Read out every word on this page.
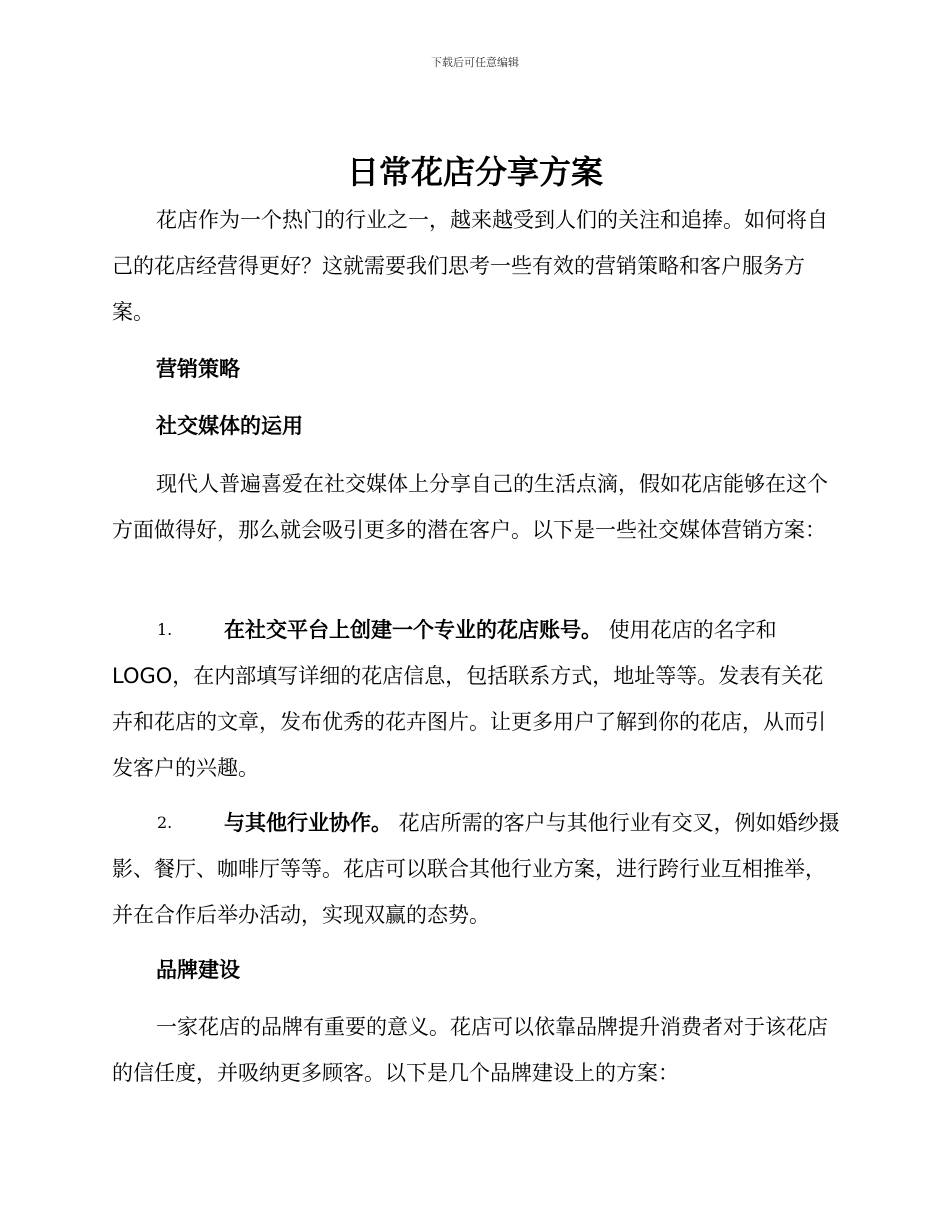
下载后可任意编辑
日常花店分享方案

花店作为一个热门的行业之一，越来越受到人们的关注和追捧。如何将自己的花店经营得更好？这就需要我们思考一些有效的营销策略和客户服务方案。

营销策略
社交媒体的运用

现代人普遍喜爱在社交媒体上分享自己的生活点滴，假如花店能够在这个方面做得好，那么就会吸引更多的潜在客户。以下是一些社交媒体营销方案：

1. 在社交平台上创建一个专业的花店账号。 使用花店的名字和LOGO，在内部填写详细的花店信息，包括联系方式，地址等等。发表有关花卉和花店的文章，发布优秀的花卉图片。让更多用户了解到你的花店，从而引发客户的兴趣。
2. 与其他行业协作。 花店所需的客户与其他行业有交叉，例如婚纱摄影、餐厅、咖啡厅等等。花店可以联合其他行业方案，进行跨行业互相推举，并在合作后举办活动，实现双赢的态势。
品牌建设

一家花店的品牌有重要的意义。花店可以依靠品牌提升消费者对于该花店的信任度，并吸纳更多顾客。以下是几个品牌建设上的方案：
